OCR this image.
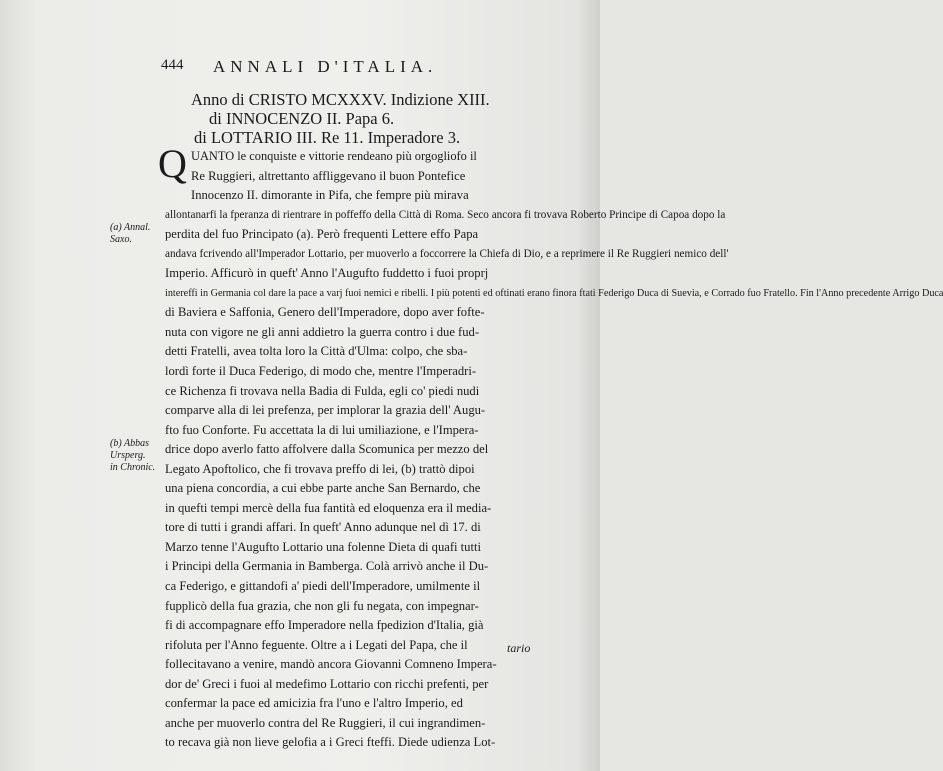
444 ANNALI D'ITALIA.
Anno di CRISTO MCXXXV. Indizione XIII.
di INNOCENZO II. Papa 6.
di LOTTARIO III. Re 11. Imperadore 3.
Q UANTO le conquiste e vittorie rendeano più orgogliofo il
Re Ruggieri, altrettanto affliggevano il buon Pontefice
Innocenzo II. dimorante in Pifa, che fempre più mirava
allontanarfi la fperanza di rientrare in poffeffo della Città di Roma. Seco ancora fi trovava Roberto Principe di Capoa dopo la
perdita del fuo Principato (a). Però frequenti Lettere effo Papa
andava fcrivendo all'Imperador Lottario, per muoverlo a foccorrere la Chiefa di Dio, e a reprimere il Re Ruggieri nemico dell'
Imperio. Afficurò in queft' Anno l'Augufto fuddetto i fuoi proprj
intereffi in Germania col dare la pace a varj fuoi nemici e ribelli. I più potenti ed oftinati erano finora ftati Federigo Duca di Suevia, e Corrado fuo Fratello. Fin l'Anno precedente Arrigo Duca
di Baviera e Saffonia, Genero dell'Imperadore, dopo aver fofte-
nuta con vigore ne gli anni addietro la guerra contro i due fud-
detti Fratelli, avea tolta loro la Città d'Ulma: colpo, che sba-
lordì forte il Duca Federigo, di modo che, mentre l'Imperadri-
ce Richenza fi trovava nella Badia di Fulda, egli co' piedi nudi
comparve alla di lei prefenza, per implorar la grazia dell' Augu-
fto fuo Conforte. Fu accettata la di lui umiliazione, e l'Impera-
drice dopo averlo fatto affolvere dalla Scomunica per mezzo del
Legato Apoftolico, che fi trovava preffo di lei, (b) trattò dipoi
una piena concordia, a cui ebbe parte anche San Bernardo, che
in quefti tempi mercè della fua fantità ed eloquenza era il media-
tore di tutti i grandi affari. In queft' Anno adunque nel dì 17. di
Marzo tenne l'Augufto Lottario una folenne Dieta di quafi tutti
i Principi della Germania in Bamberga. Colà arrivò anche il Du-
ca Federigo, e gittandofi a' piedi dell'Imperadore, umilmente il
fupplicò della fua grazia, che non gli fu negata, con impegnar-
fi di accompagnare effo Imperadore nella fpedizion d'Italia, già
rifoluta per l'Anno feguente. Oltre a i Legati del Papa, che il
follecitavano a venire, mandò ancora Giovanni Comneno Impera-
dor de' Greci i fuoi al medefimo Lottario con ricchi prefenti, per
confermar la pace ed amicizia fra l'uno e l'altro Imperio, ed
anche per muoverlo contra del Re Ruggieri, il cui ingrandimen-
to recava già non lieve gelofia a i Greci fteffi. Diede udienza Lot-
tario
(a) Annal.
Saxo.
(b) Abbas
Ursperg.
in Chronic.
